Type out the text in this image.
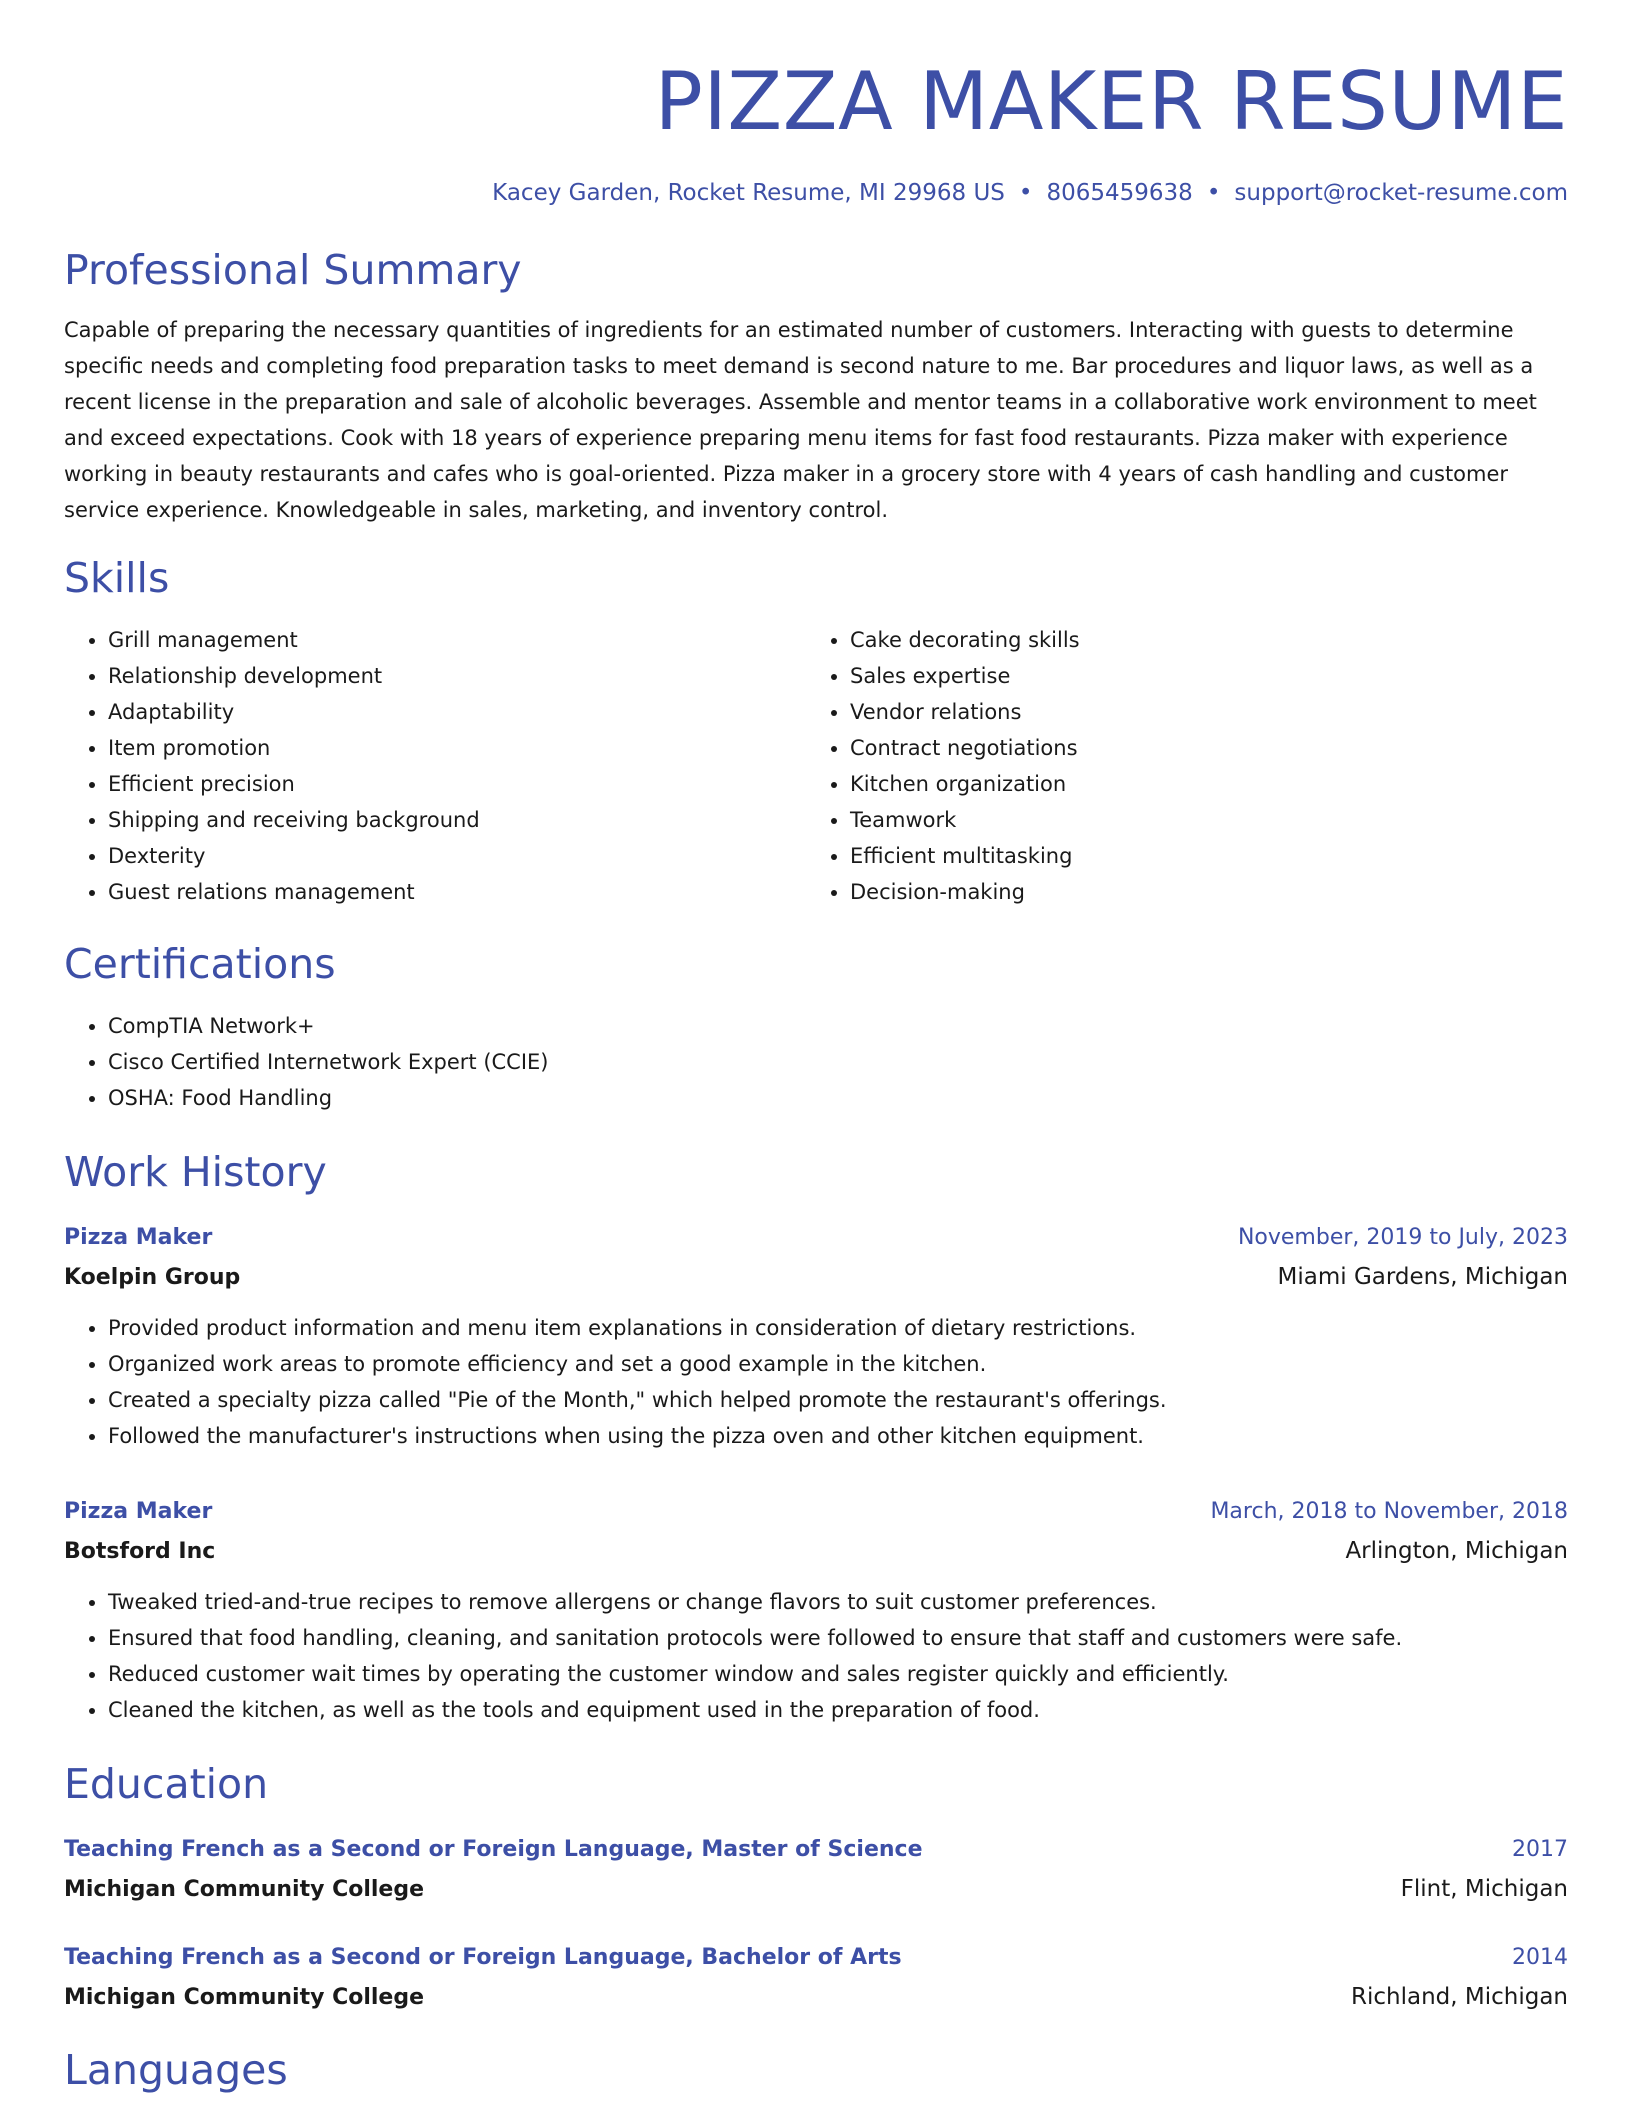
PIZZA MAKER RESUME
Kacey Garden, Rocket Resume, MI 29968 US • 8065459638 • support@rocket-resume.com
Professional Summary

Capable of preparing the necessary quantities of ingredients for an estimated number of customers. Interacting with guests to determine specific needs and completing food preparation tasks to meet demand is second nature to me. Bar procedures and liquor laws, as well as a recent license in the preparation and sale of alcoholic beverages. Assemble and mentor teams in a collaborative work environment to meet and exceed expectations. Cook with 18 years of experience preparing menu items for fast food restaurants. Pizza maker with experience working in beauty restaurants and cafes who is goal-oriented. Pizza maker in a grocery store with 4 years of cash handling and customer service experience. Knowledgeable in sales, marketing, and inventory control.

Skills
• Grill management
• Relationship development
• Adaptability
• Item promotion
• Efficient precision
• Shipping and receiving background
• Dexterity
• Guest relations management
• Cake decorating skills
• Sales expertise
• Vendor relations
• Contract negotiations
• Kitchen organization
• Teamwork
• Efficient multitasking
• Decision-making
Certifications
• CompTIA Network+
• Cisco Certified Internetwork Expert (CCIE)
• OSHA: Food Handling
Work History
Pizza Maker	November, 2019 to July, 2023
Koelpin Group	Miami Gardens, Michigan
• Provided product information and menu item explanations in consideration of dietary restrictions.
• Organized work areas to promote efficiency and set a good example in the kitchen.
• Created a specialty pizza called "Pie of the Month," which helped promote the restaurant's offerings.
• Followed the manufacturer's instructions when using the pizza oven and other kitchen equipment.
Pizza Maker	March, 2018 to November, 2018
Botsford Inc	Arlington, Michigan
• Tweaked tried-and-true recipes to remove allergens or change flavors to suit customer preferences.
• Ensured that food handling, cleaning, and sanitation protocols were followed to ensure that staff and customers were safe.
• Reduced customer wait times by operating the customer window and sales register quickly and efficiently.
• Cleaned the kitchen, as well as the tools and equipment used in the preparation of food.
Education
Teaching French as a Second or Foreign Language, Master of Science	2017
Michigan Community College	Flint, Michigan
Teaching French as a Second or Foreign Language, Bachelor of Arts	2014
Michigan Community College	Richland, Michigan
Languages
